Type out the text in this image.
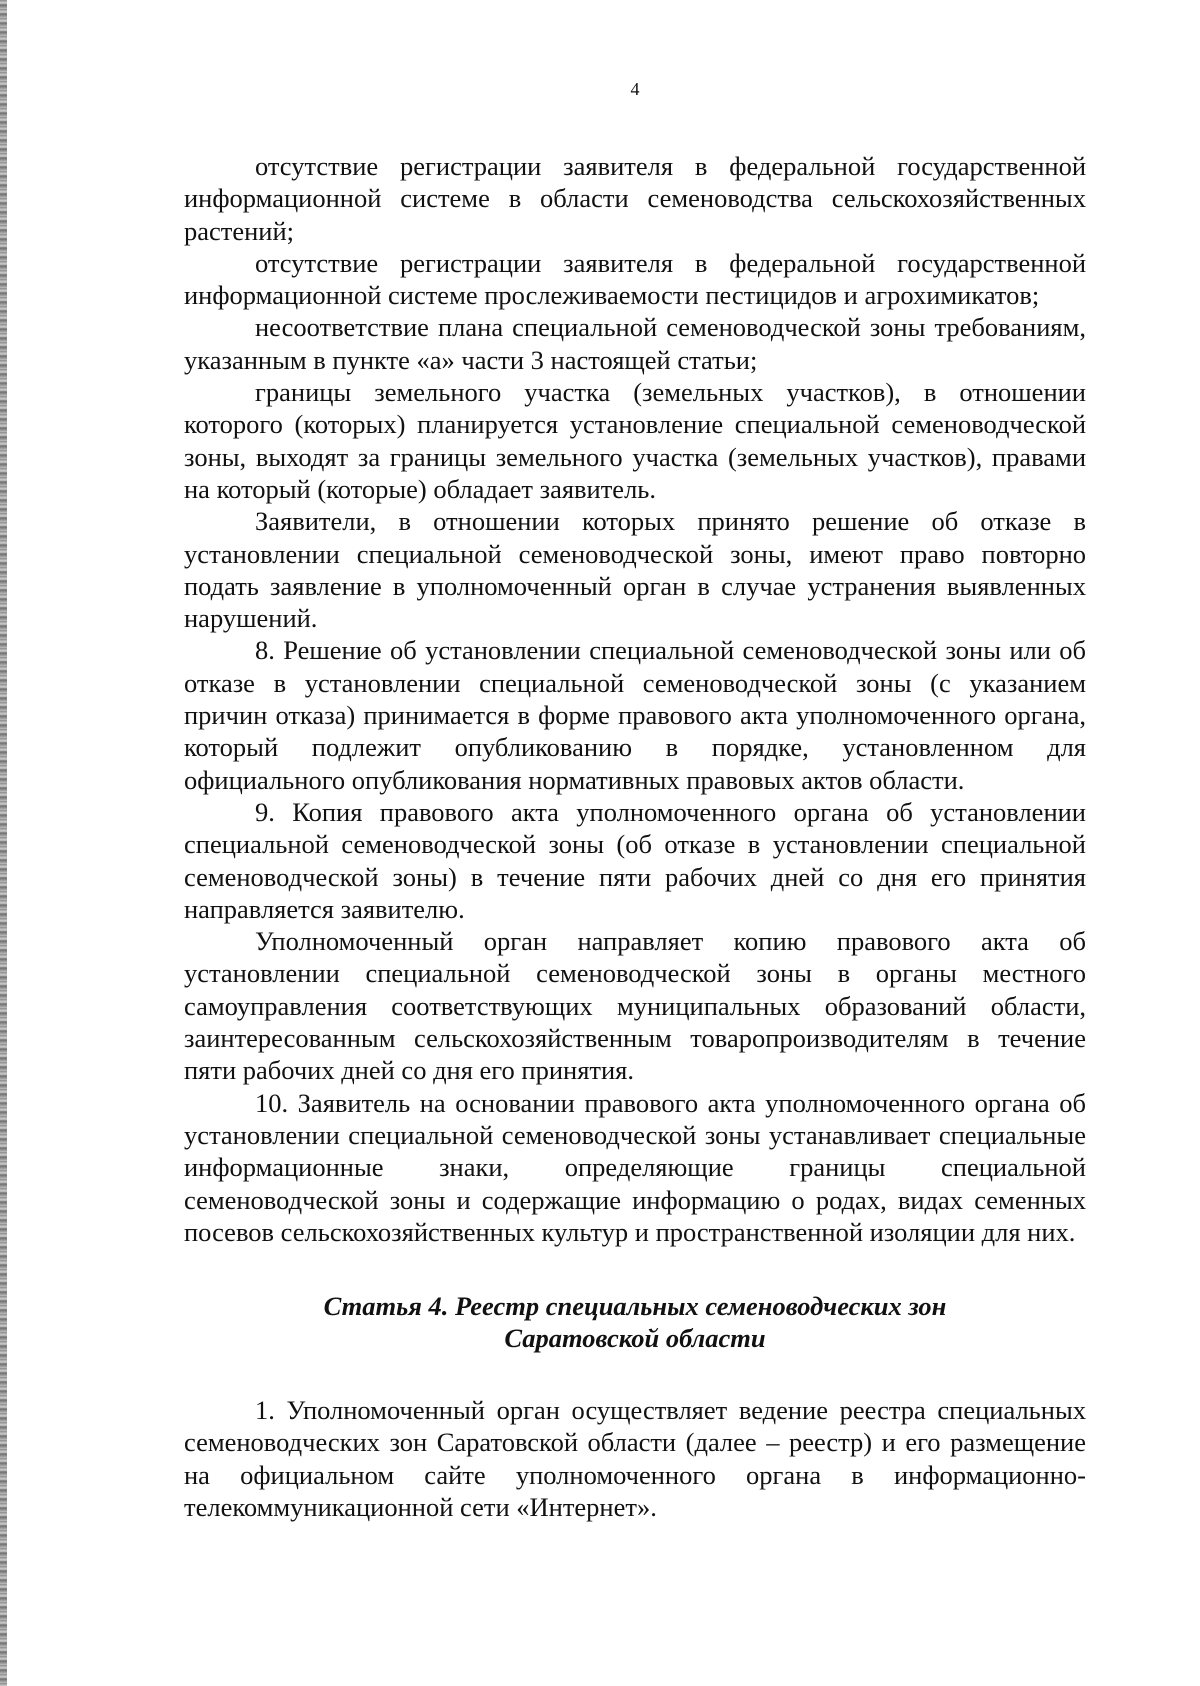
4

отсутствие регистрации заявителя в федеральной государственной информационной системе в области семеноводства сельскохозяйственных растений;

отсутствие регистрации заявителя в федеральной государственной информационной системе прослеживаемости пестицидов и агрохимикатов;

несоответствие плана специальной семеноводческой зоны требованиям, указанным в пункте «а» части 3 настоящей статьи;

границы земельного участка (земельных участков), в отношении которого (которых) планируется установление специальной семеноводческой зоны, выходят за границы земельного участка (земельных участков), правами на который (которые) обладает заявитель.

Заявители, в отношении которых принято решение об отказе в установлении специальной семеноводческой зоны, имеют право повторно подать заявление в уполномоченный орган в случае устранения выявленных нарушений.

8. Решение об установлении специальной семеноводческой зоны или об отказе в установлении специальной семеноводческой зоны (с указанием причин отказа) принимается в форме правового акта уполномоченного органа, который подлежит опубликованию в порядке, установленном для официального опубликования нормативных правовых актов области.

9. Копия правового акта уполномоченного органа об установлении специальной семеноводческой зоны (об отказе в установлении специальной семеноводческой зоны) в течение пяти рабочих дней со дня его принятия направляется заявителю.

Уполномоченный орган направляет копию правового акта об установлении специальной семеноводческой зоны в органы местного самоуправления соответствующих муниципальных образований области, заинтересованным сельскохозяйственным товаропроизводителям в течение пяти рабочих дней со дня его принятия.

10. Заявитель на основании правового акта уполномоченного органа об установлении специальной семеноводческой зоны устанавливает специальные информационные знаки, определяющие границы специальной семеноводческой зоны и содержащие информацию о родах, видах семенных посевов сельскохозяйственных культур и пространственной изоляции для них.

Статья 4. Реестр специальных семеноводческих зон
Саратовской области

1. Уполномоченный орган осуществляет ведение реестра специальных семеноводческих зон Саратовской области (далее – реестр) и его размещение на официальном сайте уполномоченного органа в информационно-телекоммуникационной сети «Интернет».
